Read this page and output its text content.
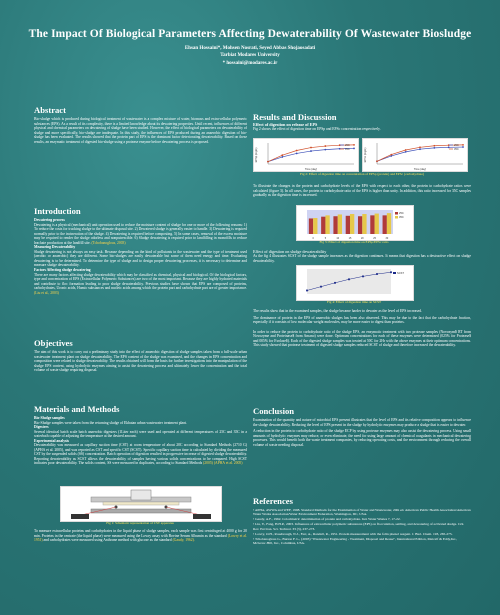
The Impact Of Biological Parameters Affecting Dewaterability Of Wastewater Biosludge
Ehsan Hossaini*, Mohsen Nosrati, Seyed Abbas Shojaosadati
Tarbiat Modares University
* hossaini@modares.ac.ir
Abstract

Bio-sludge which is produced during biological treatment of wastewater is a complex mixture of water, biomass and extra-cellular polymeric substances (EPS). As a result of its complexity, there is a limited knowledge about its dewatering properties. Until recent, influences of different physical and chemical parameters on dewatering of sludge have been studied. However, the effect of biological parameters on dewaterability of sludge and more specifically, bio-sludge are inadequate. In this study, the influences of EPS produced during an anaerobic digestion of bio-sludge has been evaluated. The results showed that the protein part of EPS is the dominant factor deteriorating dewaterability. Based on these results, an enzymatic treatment of digested bio-sludge using a protease enzyme before dewatering process is proposed.

Introduction

Dewatering process
Dewatering is a physical (mechanical) unit operation used to reduce the moisture content of sludge for one or more of the following reasons: 1) To reduce the costs for trucking sludge to the ultimate disposal site. 2) Dewatered sludge is generally easier to handle. 3) Dewatering is required normally prior to the incineration of the sludge. 4) Dewatering is required before composting. 5) In some cases, removal of the excess moisture may be required to render the sludge odorless and nonputrescible. 6) Sludge dewatering is required prior to landfilling in monofills to reduce leachate production at the landfill site. (Tchobanoglous, 2003)
Measuring Dewaterability
Sludge dewatering is not always an easy task. Because depending on the kind of pollutants in the wastewater and the type of treatment used (aerobic or anaerobic) they are different. Some bio-sludges are easily dewaterable but some of them need energy and time. Evaluating dewatering is to be determined. To determine the type of sludge and to design proper dewatering processes, it is necessary to determine and measure sludge dewaterability.
Factors Affecting sludge dewatering
There are many factors affecting sludge dewaterability which may be classified as chemical, physical and biological. Of the biological factors, type and concentration of EPS (Extracellular Polymeric Substances) are two of the most important. Because they are highly hydrated materials and contribute to floc formation leading to poor sludge dewaterability. Previous studies have shown that EPS are composed of proteins, carbohydrates, Uronic acids, Humic substances and nucleic acids among which the protein part and carbohydrate part are of greater importance. (Liu et al., 2003)

Objectives

The aim of this work is to carry out a preliminary study into the effect of anaerobic digestion of sludge samples taken from a full-scale urban wastewater treatment plant on sludge dewaterability. The EPS content of the sludge was examined, and the changes in EPS concentration and composition were related to sludge dewaterability. The results obtained will form the basis for further investigations into the manipulation of the sludge EPS content, using hydrolytic enzymes aiming to assist the dewatering process and ultimately lower the concentration and the total volume of waste sludge requiring disposal.

Materials and Methods

Bio-Sludge samples
Bio-Sludge samples were taken from the returning sludge of Ekbatan urban wastewater treatment plant.
Digesters
Several identical batch scale batch anaerobic digesters (1Liter each) were used and operated at different temperatures of 25C and 35C in a waterbath capable of adjusting the temperature at the desired amount.
Experimental analysis
Dewaterability was measured as capillary suction time (CST) at room temperature of about 20C according to Standard Methods (2710 G) (APHA et al. 2005), and was reported as CST and specific CST (SCST). Specific capillary suction time is calculated by dividing the measured CST by the suspended solids (SS) concentration. Batch operation of digestion resulted in progressive increase of digested sludge dewaterability. Reporting dewaterability as SCST allows the dewaterability of samples having various solids concentrations to be compared. High SCST indicates poor dewaterability. The solids content, SS were measured in duplicates, according to Standard Methods (2005) (APHA et al. 2005)

Fig 1: Schematic representation of CST apparatus

To measure extracellular proteins and carbohydrates in the liquid phase of sludge samples, each sample was first centrifuged at 4000 g for 20 min. Proteins in the centrate (the liquid phase) were measured using the Lowry assay with Bovine Serum Albumin as the standard (Lowry et al. 1951) and carbohydrates were measured using Anthrone method with glucose as the standard (Gaudy, 1962).

Results and Discussion
Effect of digestion on release of EPS

Fig 2 shows the effect of digestion time on EPSp and EPSc concentration respectively.

EPSp (mg/L)
Time (day)
25C
35C	EPSc (mg/L)
Time (day)
25C
35C
Fig 2: Effect of digestion time on concentration of EPSp (protein) and EPSc (carbohydrate)

To illustrate the changes in the protein and carbohydrate levels of the EPS with respect to each other, the protein to carbohydrate ratios were calculated (figure 3). In all cases, the protein to carbohydrate ratio of the EPS is higher than unity. In addition, this ratio increased for 35C samples gradually as the digestion time is increased.

0	5	10	15	20	25	30
25C
35C
Fig 3: Effect of digestion time on EPSp/EPSc ratio
Effect of digestion on sludge dewaterability

As the fig 4 illustrates SCST of the sludge sample increases as the digestion continues. It means that digestion has a destructive effect on sludge dewaterability.

SCST
Fig 4: Effect of digestion time on SCST

The results show that in the examined samples, the sludge became harder to dewater as the level of EPS increased.

The dominance of protein in the EPS of anaerobic sludges has been also observed. This may be due to the fact that the carbohydrate fraction, especially if it consists of low molecular weight molecules, may be more easier to digest than proteins.

In order to reduce the protein to carbohydrate ratio of the sludge EPS, an enzymatic treatment with two protease samples (Novozym$ RT from Novozyme and Proteinase$ from Amano) were done. Optimum concentrations for each of these enzymes were determined (025% for Protease$ and 005% for Evolase$). Each of the digested sludge samples was treated at 50C for 2Hr with the above enzymes at their optimum concentrations. This study showed that protease treatment of digested sludge samples reduced SCST of sludge and therefore increased the dewaterability.

Conclusion

Examination of the quantity and nature of microbial EPS present illustrates that the level of EPS and its relative composition appears to influence the sludge dewaterability. Reducing the level of EPS present in the sludge by hydrolytic enzymes may produce a sludge that is easier to dewater.

A reduction in the protein to carbohydrate ratio of the sludge ECP by using protease enzymes may also assist the dewatering process. Using small amounts of hydrolytic enzymes may reduce, or even eliminate, the need for using large amount of chemical coagulants in mechanical dewatering processes. This would benefit both the waste treatment companies, by reducing operating costs, and the environment through reducing the overall volume of waste needing disposal.

References

• APHA, AWWA and WEF, 1998. Standard Methods for the Examination of Water and Wastewater, 20th ed. American Public Health Association/American Water Works Association/Water Environment Federation, Washington, DC, USA.

• Gaudy, A.F., 1962. Colorimetric determination of protein and carbohydrate. Ind. Water Wastes 7, 17-22.

• Liu, Y., Fang, H.H.P., 2003. Influences of extracellular polymeric substances (EPS) on flocculation, settling, and dewatering of activated sludge. Crit. Rev. Environ. Sci. Technol. 33 (3), 237-273.

• Lowry, O.H., Rosebrough, N.J., Farr, A., Randall, R., 1951. Protein measurement with the folin phenol reagent. J. Biol. Chem. 193, 265-275.

• Tchobanoglous G., Burton F. L., (2003) "Wastewater Engineering - Treatment, Disposal and Reuse", International Edition, Metcalf & Eddy,Inc., McGraw-Hill, Inc., Columbus, USA.
